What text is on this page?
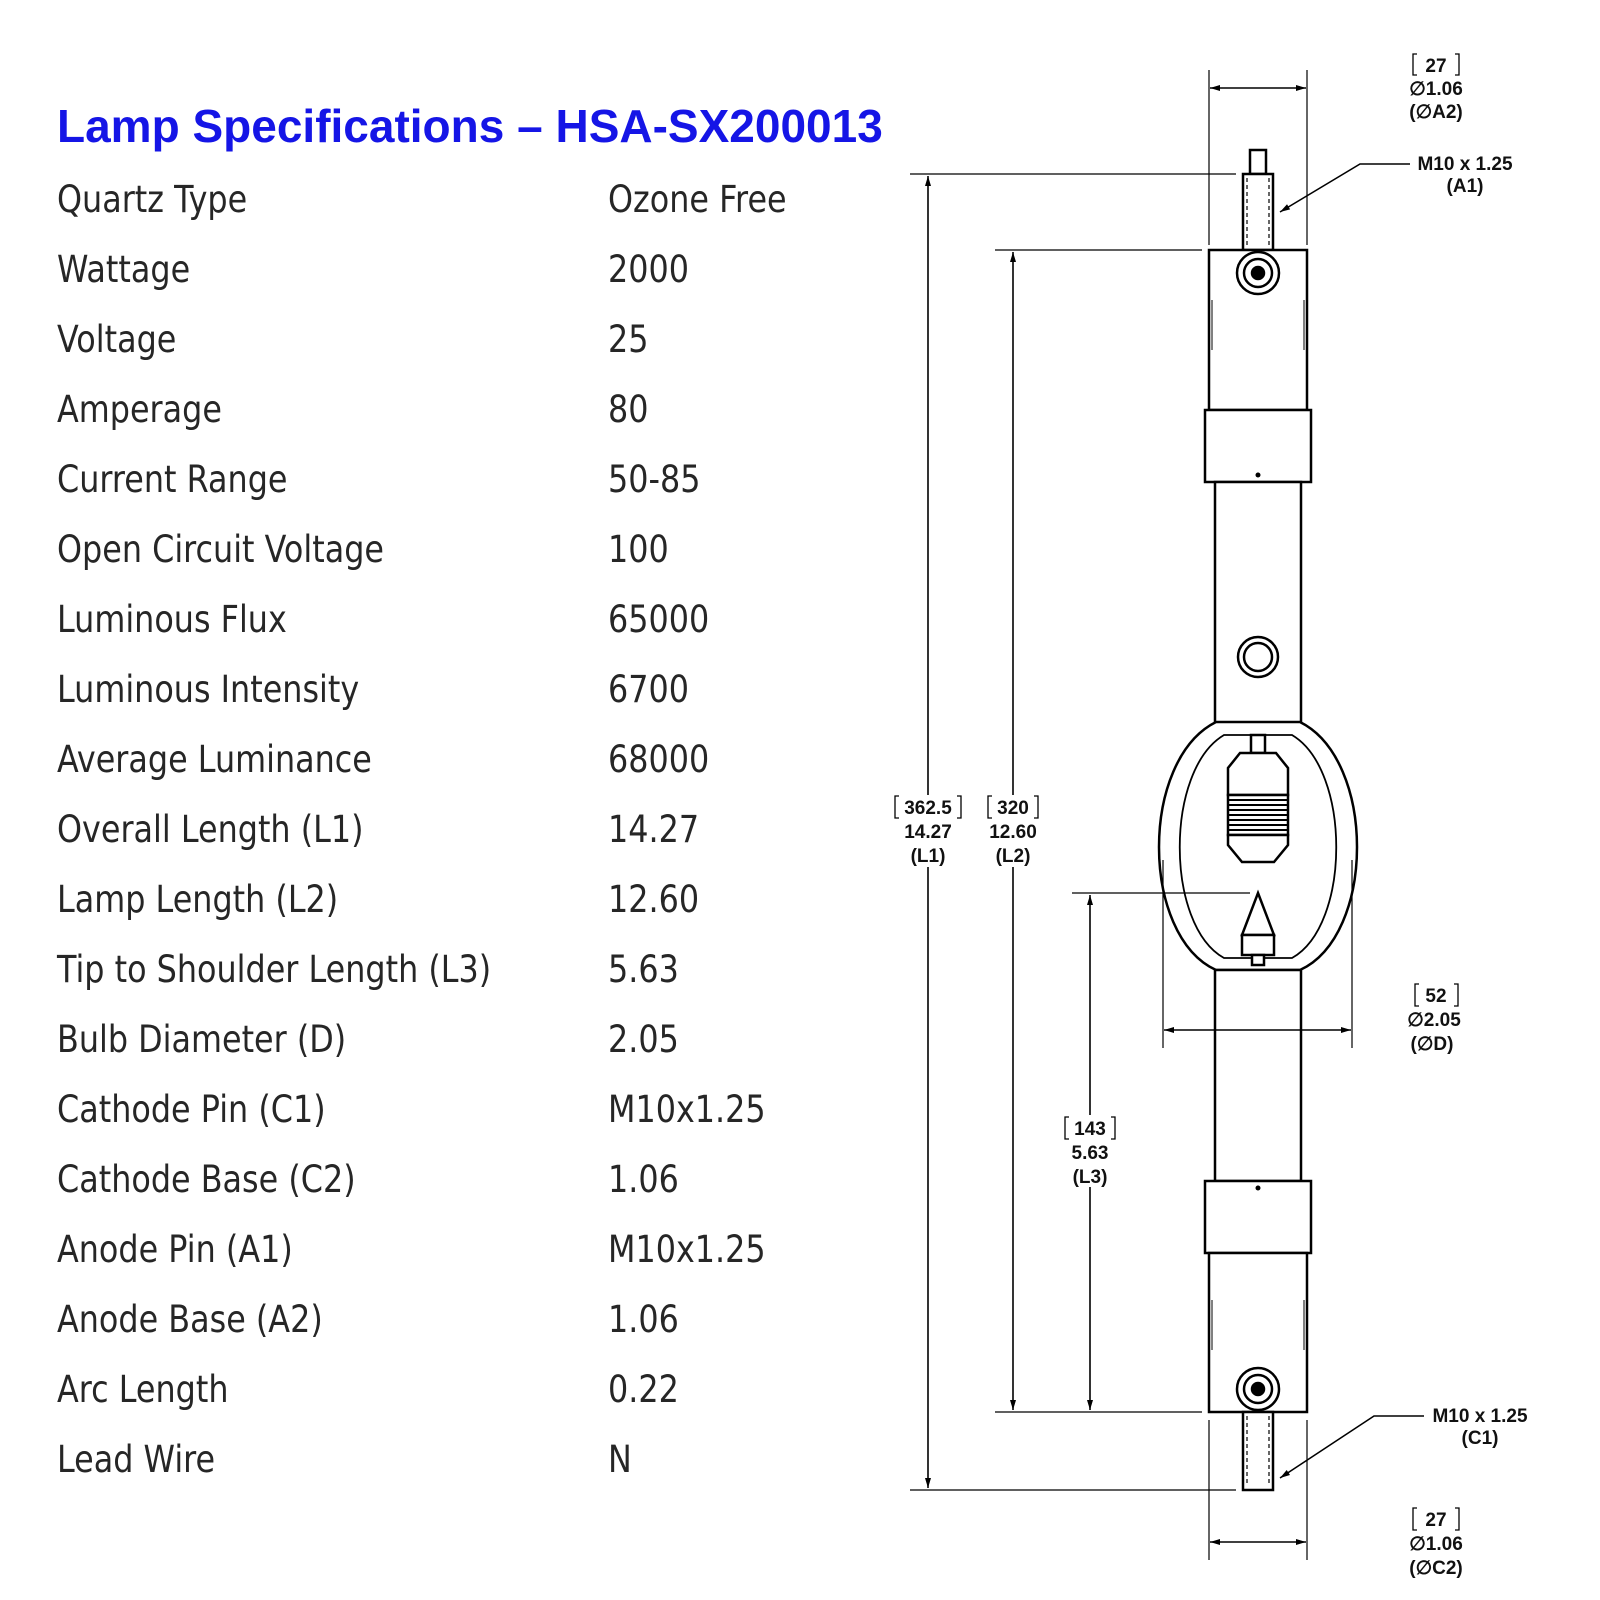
Lamp Specifications – HSA-SX200013
Quartz Type	Ozone Free
Wattage	2000
Voltage	25
Amperage	80
Current Range	50-85
Open Circuit Voltage	100
Luminous Flux	65000
Luminous Intensity	6700
Average Luminance	68000
Overall Length (L1)	14.27
Lamp Length (L2)	12.60
Tip to Shoulder Length (L3)	5.63
Bulb Diameter (D)	2.05
Cathode Pin (C1)	M10x1.25
Cathode Base (C2)	1.06
Anode Pin (A1)	M10x1.25
Anode Base (A2)	1.06
Arc Length	0.22
Lead Wire	N
27
∅1.06
(∅A2)
M10 x 1.25
(A1)
362.5
14.27
(L1)
320
12.60
(L2)
52
∅2.05
(∅D)
143
5.63
(L3)
M10 x 1.25
(C1)
27
∅1.06
(∅C2)
